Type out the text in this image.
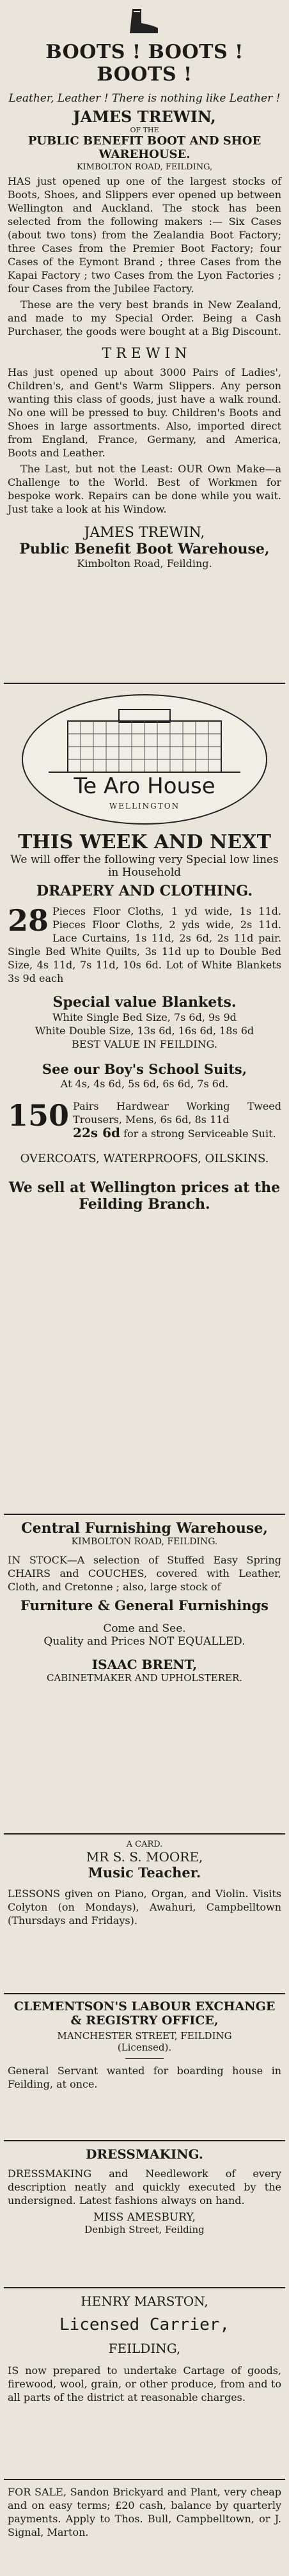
BOOTS ! BOOTS ! BOOTS !
Leather, Leather ! There is nothing like Leather !
JAMES TREWIN,
OF THE
PUBLIC BENEFIT BOOT AND SHOE WAREHOUSE.
KIMBOLTON ROAD, FEILDING,

HAS just opened up one of the largest stocks of Boots, Shoes, and Slippers ever opened up between Wellington and Auckland. The stock has been selected from the following makers :— Six Cases (about two tons) from the Zealandia Boot Factory; three Cases from the Premier Boot Factory; four Cases of the Eymont Brand ; three Cases from the Kapai Factory ; two Cases from the Lyon Factories ; four Cases from the Jubilee Factory.

These are the very best brands in New Zealand, and made to my Special Order. Being a Cash Purchaser, the goods were bought at a Big Discount.

T R E W I N

Has just opened up about 3000 Pairs of Ladies', Children's, and Gent's Warm Slippers. Any person wanting this class of goods, just have a walk round. No one will be pressed to buy. Children's Boots and Shoes in large assortments. Also, imported direct from England, France, Germany, and America, Boots and Leather.

The Last, but not the Least: OUR Own Make—a Challenge to the World. Best of Workmen for bespoke work. Repairs can be done while you wait. Just take a look at his Window.

JAMES TREWIN,
Public Benefit Boot Warehouse,
Kimbolton Road, Feilding.
Te Aro House
WELLINGTON
THIS WEEK AND NEXT
We will offer the following very Special low lines in Household
DRAPERY AND CLOTHING.
28 Pieces Floor Cloths, 1 yd wide, 1s 11d. Pieces Floor Cloths, 2 yds wide, 2s 11d. Lace Curtains, 1s 11d, 2s 6d, 2s 11d pair. Single Bed White Quilts, 3s 11d up to Double Bed Size, 4s 11d, 7s 11d, 10s 6d. Lot of White Blankets 3s 9d each

Special value Blankets.
White Single Bed Size, 7s 6d, 9s 9d
White Double Size, 13s 6d, 16s 6d, 18s 6d
BEST VALUE IN FEILDING.
See our Boy's School Suits,
At 4s, 4s 6d, 5s 6d, 6s 6d, 7s 6d.
150 Pairs Hardwear Working Tweed Trousers, Mens, 6s 6d, 8s 11d

22s 6d for a strong Serviceable Suit.

OVERCOATS, WATERPROOFS, OILSKINS.
We sell at Wellington prices at the Feilding Branch.
Central Furnishing Warehouse,
KIMBOLTON ROAD, FEILDING.

IN STOCK—A selection of Stuffed Easy Spring CHAIRS and COUCHES, covered with Leather, Cloth, and Cretonne ; also, large stock of

Furniture & General Furnishings
Come and See.
Quality and Prices NOT EQUALLED.
ISAAC BRENT,
CABINETMAKER AND UPHOLSTERER.
A CARD.
MR S. S. MOORE,
Music Teacher.

LESSONS given on Piano, Organ, and Violin. Visits Colyton (on Mondays), Awahuri, Campbelltown (Thursdays and Fridays).

CLEMENTSON'S LABOUR EXCHANGE & REGISTRY OFFICE,
MANCHESTER STREET, FEILDING
(Licensed).

General Servant wanted for boarding house in Feilding, at once.

DRESSMAKING.

DRESSMAKING and Needlework of every description neatly and quickly executed by the undersigned. Latest fashions always on hand.

MISS AMESBURY,
Denbigh Street, Feilding
HENRY MARSTON,
Licensed Carrier,
FEILDING,

IS now prepared to undertake Cartage of goods, firewood, wool, grain, or other produce, from and to all parts of the district at reasonable charges.

FOR SALE, Sandon Brickyard and Plant, very cheap and on easy terms; £20 cash, balance by quarterly payments. Apply to Thos. Bull, Campbelltown, or J. Signal, Marton.
